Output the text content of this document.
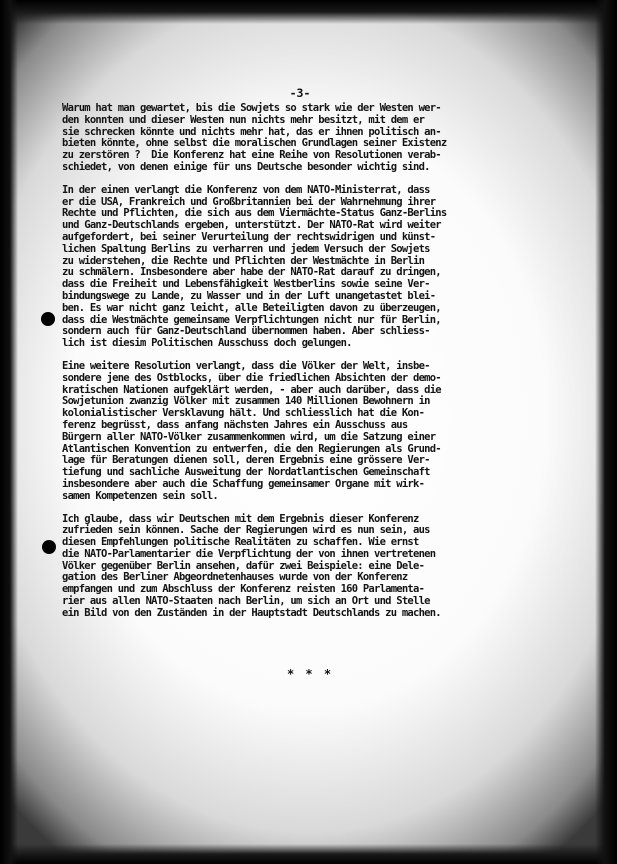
-3-

Warum hat man gewartet, bis die Sowjets so stark wie der Westen wer-
den konnten und dieser Westen nun nichts mehr besitzt, mit dem er
sie schrecken könnte und nichts mehr hat, das er ihnen politisch an-
bieten könnte, ohne selbst die moralischen Grundlagen seiner Existenz
zu zerstören ?  Die Konferenz hat eine Reihe von Resolutionen verab-
schiedet, von denen einige für uns Deutsche besonder wichtig sind.

In der einen verlangt die Konferenz von dem NATO-Ministerrat, dass
er die USA, Frankreich und Großbritannien bei der Wahrnehmung ihrer
Rechte und Pflichten, die sich aus dem Viermächte-Status Ganz-Berlins
und Ganz-Deutschlands ergeben, unterstützt. Der NATO-Rat wird weiter
aufgefordert, bei seiner Verurteilung der rechtswidrigen und künst-
lichen Spaltung Berlins zu verharren und jedem Versuch der Sowjets
zu widerstehen, die Rechte und Pflichten der Westmächte in Berlin
zu schmälern. Insbesondere aber habe der NATO-Rat darauf zu dringen,
dass die Freiheit und Lebensfähigkeit Westberlins sowie seine Ver-
bindungswege zu Lande, zu Wasser und in der Luft unangetastet blei-
ben. Es war nicht ganz leicht, alle Beteiligten davon zu überzeugen,
dass die Westmächte gemeinsame Verpflichtungen nicht nur für Berlin,
sondern auch für Ganz-Deutschland übernommen haben. Aber schliess-
lich ist diesim Politischen Ausschuss doch gelungen.

Eine weitere Resolution verlangt, dass die Völker der Welt, insbe-
sondere jene des Ostblocks, über die friedlichen Absichten der demo-
kratischen Nationen aufgeklärt werden, - aber auch darüber, dass die
Sowjetunion zwanzig Völker mit zusammen 140 Millionen Bewohnern in
kolonialistischer Versklavung hält. Und schliesslich hat die Kon-
ferenz begrüsst, dass anfang nächsten Jahres ein Ausschuss aus
Bürgern aller NATO-Völker zusammenkommen wird, um die Satzung einer
Atlantischen Konvention zu entwerfen, die den Regierungen als Grund-
lage für Beratungen dienen soll, deren Ergebnis eine grössere Ver-
tiefung und sachliche Ausweitung der Nordatlantischen Gemeinschaft
insbesondere aber auch die Schaffung gemeinsamer Organe mit wirk-
samen Kompetenzen sein soll.

Ich glaube, dass wir Deutschen mit dem Ergebnis dieser Konferenz
zufrieden sein können. Sache der Regierungen wird es nun sein, aus
diesen Empfehlungen politische Realitäten zu schaffen. Wie ernst
die NATO-Parlamentarier die Verpflichtung der von ihnen vertretenen
Völker gegenüber Berlin ansehen, dafür zwei Beispiele: eine Dele-
gation des Berliner Abgeordnetenhauses wurde von der Konferenz
empfangen und zum Abschluss der Konferenz reisten 160 Parlamenta-
rier aus allen NATO-Staaten nach Berlin, um sich an Ort und Stelle
ein Bild von den Zuständen in der Hauptstadt Deutschlands zu machen.

* * *
